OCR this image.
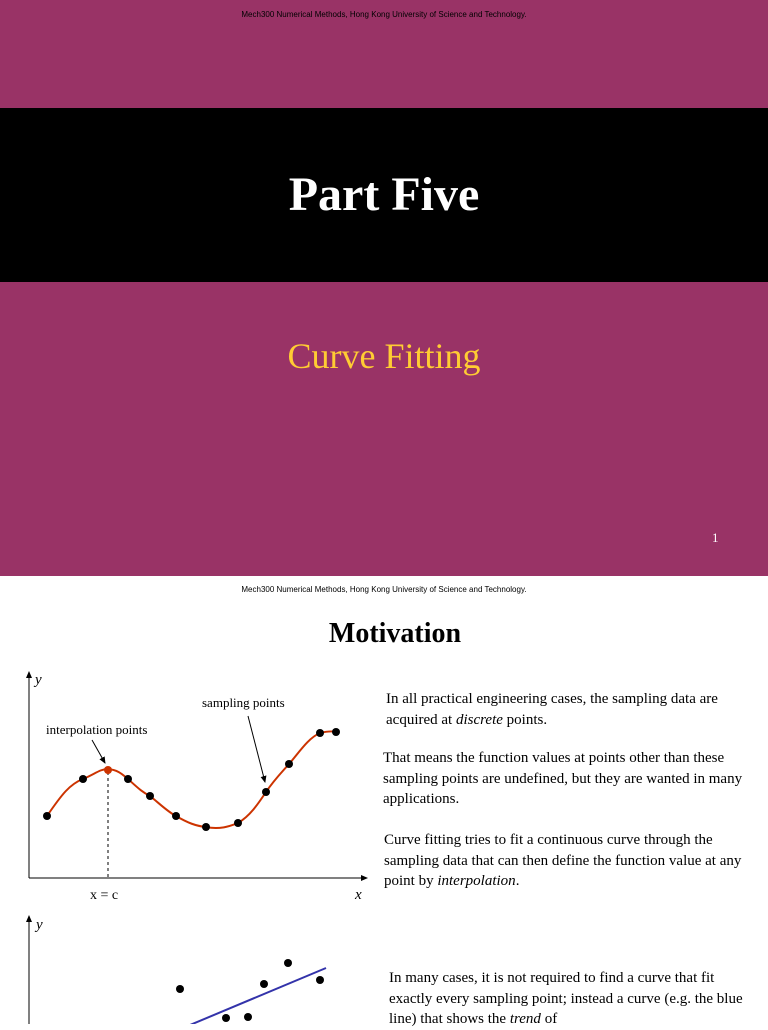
Mech300 Numerical Methods, Hong Kong University of Science and Technology.
Part Five
Curve Fitting
1
Mech300 Numerical Methods, Hong Kong University of Science and Technology.
Motivation

In all practical engineering cases, the sampling data are acquired at discrete points.

That means the function values at points other than these sampling points are undefined, but they are wanted in many applications.

Curve fitting tries to fit a continuous curve through the sampling data that can then define the function value at any point by interpolation.

In many cases, it is not required to find a curve that fit exactly every sampling point; instead a curve (e.g. the blue line) that shows the trend of

y
x
x = c
sampling points
interpolation points
y
